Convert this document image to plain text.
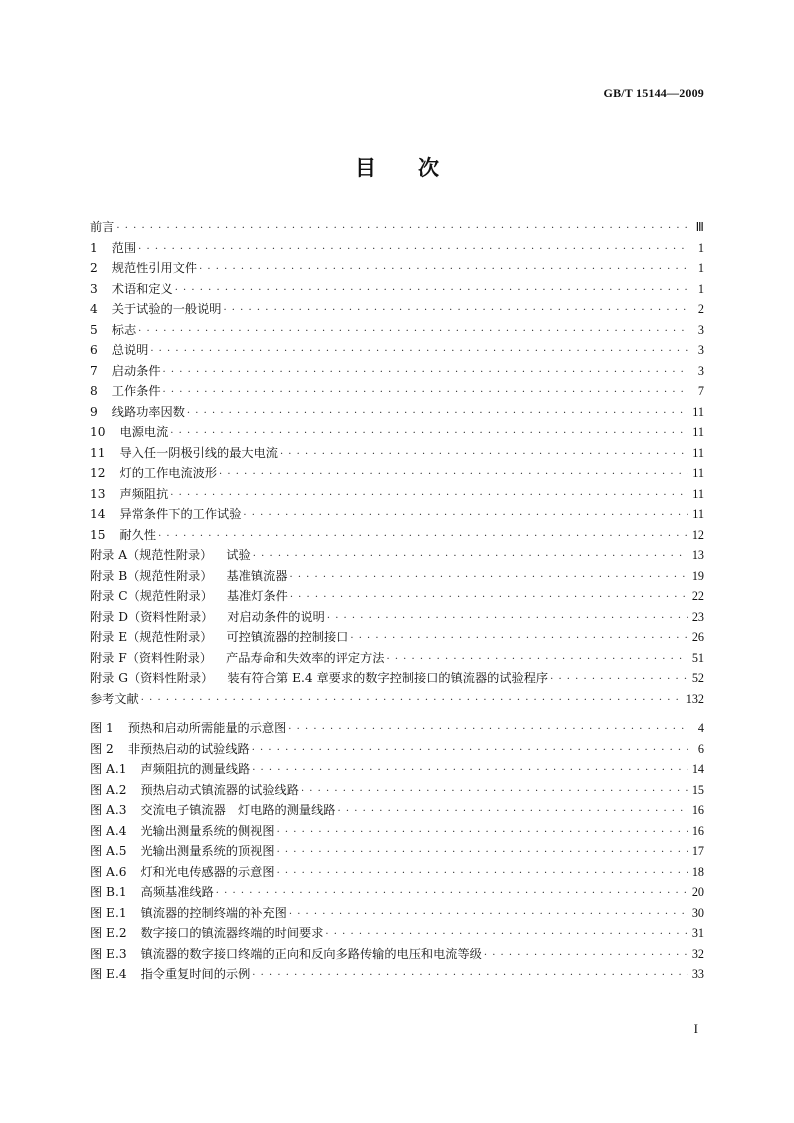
GB/T 15144—2009
目次
前言 · · ·	Ⅲ
1 范围 · · ·	1
2 规范性引用文件 · · ·	1
3 术语和定义 · · ·	1
4 关于试验的一般说明 · · ·	2
5 标志 · · ·	3
6 总说明 · · ·	3
7 启动条件 · · ·	3
8 工作条件 · · ·	7
9 线路功率因数 · · ·	11
10 电源电流 · · ·	11
11 导入任一阴极引线的最大电流 · · ·	11
12 灯的工作电流波形 · · ·	11
13 声频阻抗 · · ·	11
14 异常条件下的工作试验 · · ·	11
15 耐久性 · · ·	12
附录 A（规范性附录） 试验 · · ·	13
附录 B（规范性附录） 基准镇流器 · · ·	19
附录 C（规范性附录） 基准灯条件 · · ·	22
附录 D（资料性附录） 对启动条件的说明 · · ·	23
附录 E（规范性附录） 可控镇流器的控制接口 · · ·	26
附录 F（资料性附录） 产品寿命和失效率的评定方法 · · ·	51
附录 G（资料性附录） 装有符合第 E.4 章要求的数字控制接口的镇流器的试验程序 · · ·	52
参考文献 · · ·	132
图 1 预热和启动所需能量的示意图 · · ·	4
图 2 非预热启动的试验线路 · · ·	6
图 A.1 声频阻抗的测量线路 · · ·	14
图 A.2 预热启动式镇流器的试验线路 · · ·	15
图 A.3 交流电子镇流器　灯电路的测量线路 · · ·	16
图 A.4 光输出测量系统的侧视图 · · ·	16
图 A.5 光输出测量系统的顶视图 · · ·	17
图 A.6 灯和光电传感器的示意图 · · ·	18
图 B.1 高频基准线路 · · ·	20
图 E.1 镇流器的控制终端的补充图 · · ·	30
图 E.2 数字接口的镇流器终端的时间要求 · · ·	31
图 E.3 镇流器的数字接口终端的正向和反向多路传输的电压和电流等级 · · ·	32
图 E.4 指令重复时间的示例 · · ·	33
I
